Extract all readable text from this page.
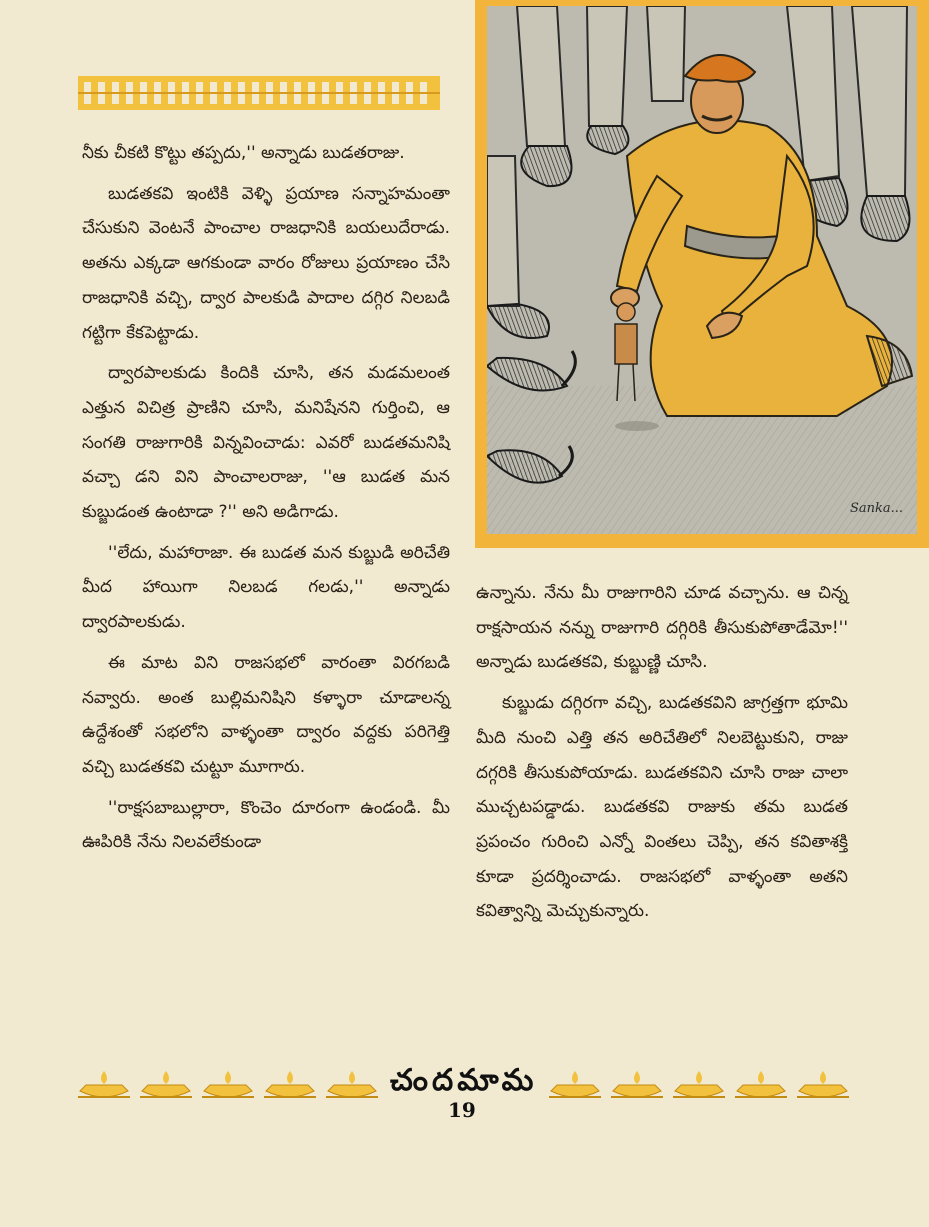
Sanka...

నీకు చీకటి కొట్టు తప్పదు,'' అన్నాడు బుడతరాజు.

బుడతకవి ఇంటికి వెళ్ళి ప్రయాణ సన్నాహమంతా చేసుకుని వెంటనే పాంచాల రాజధానికి బయలుదేరాడు. అతను ఎక్కడా ఆగకుండా వారం రోజులు ప్రయాణం చేసి రాజధానికి వచ్చి, ద్వార పాలకుడి పాదాల దగ్గిర నిలబడి గట్టిగా కేకపెట్టాడు.

ద్వారపాలకుడు కిందికి చూసి, తన మడమలంత ఎత్తున విచిత్ర ప్రాణిని చూసి, మనిషేనని గుర్తించి, ఆ సంగతి రాజుగారికి విన్నవించాడు: ఎవరో బుడతమనిషి వచ్చా డని విని పాంచాలరాజు, ''ఆ బుడత మన కుబ్జుడంత ఉంటాడా ?'' అని అడిగాడు.

''లేదు, మహారాజా. ఈ బుడత మన కుబ్జుడి అరిచేతి మీద హాయిగా నిలబడ గలడు,'' అన్నాడు ద్వారపాలకుడు.

ఈ మాట విని రాజసభలో వారంతా విరగబడి నవ్వారు. అంత బుల్లిమనిషిని కళ్ళారా చూడాలన్న ఉద్దేశంతో సభలోని వాళ్ళంతా ద్వారం వద్దకు పరిగెత్తి వచ్చి బుడతకవి చుట్టూ మూగారు.

''రాక్షసబాబుల్లారా, కొంచెం దూరంగా ఉండండి. మీ ఊపిరికి నేను నిలవలేకుండా

ఉన్నాను. నేను మీ రాజుగారిని చూడ వచ్చాను. ఆ చిన్న రాక్షసాయన నన్ను రాజుగారి దగ్గిరికి తీసుకుపోతాడేమో!'' అన్నాడు బుడతకవి, కుబ్జుణ్ణి చూసి.

కుబ్జుడు దగ్గిరగా వచ్చి, బుడతకవిని జాగ్రత్తగా భూమి మీది నుంచి ఎత్తి తన అరిచేతిలో నిలబెట్టుకుని, రాజు దగ్గరికి తీసుకుపోయాడు. బుడతకవిని చూసి రాజు చాలా ముచ్చటపడ్డాడు. బుడతకవి రాజుకు తమ బుడత ప్రపంచం గురించి ఎన్నో వింతలు చెప్పి, తన కవితాశక్తి కూడా ప్రదర్శించాడు. రాజసభలో వాళ్ళంతా అతని కవిత్వాన్ని మెచ్చుకున్నారు.

చందమామ
19
